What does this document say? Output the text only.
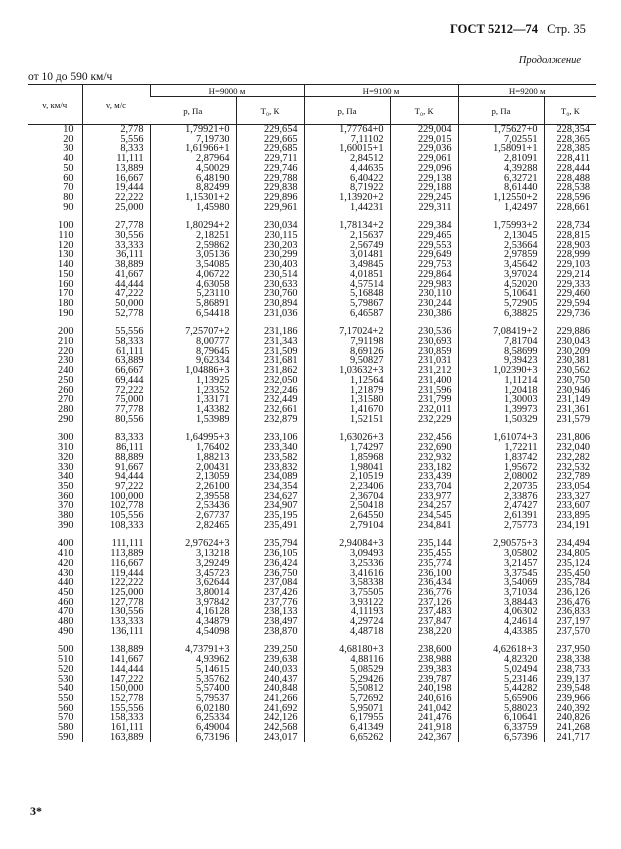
ГОСТ 5212—74 Стр. 35
Продолжение
от 10 до 590 км/ч
v, км/ч	v, м/с	H=9000 м		H=9100 м		H=9200 м	
		p, Па	T₀, К	p, Па	T₀, К	p, Па	T₀, К
10	2,778	1,79921+0	229,654	1,77764+0	229,004	1,75627+0	228,354
20	5,556	7,19730	229,665	7,11102	229,015	7,02551	228,365
30	8,333	1,61966+1	229,685	1,60015+1	229,036	1,58091+1	228,385
40	11,111	2,87964	229,711	2,84512	229,061	2,81091	228,411
50	13,889	4,50029	229,746	4,44635	229,096	4,39288	228,444
60	16,667	6,48190	229,788	6,40422	229,138	6,32721	228,488
70	19,444	8,82499	229,838	8,71922	229,188	8,61440	228,538
80	22,222	1,15301+2	229,896	1,13920+2	229,245	1,12550+2	228,596
90	25,000	1,45980	229,961	1,44231	229,311	1,42497	228,661

100	27,778	1,80294+2	230,034	1,78134+2	229,384	1,75993+2	228,734
110	30,556	2,18251	230,115	2,15637	229,465	2,13045	228,815
120	33,333	2,59862	230,203	2,56749	229,553	2,53664	228,903
130	36,111	3,05136	230,299	3,01481	229,649	2,97859	228,999
140	38,889	3,54085	230,403	3,49845	229,753	3,45642	229,103
150	41,667	4,06722	230,514	4,01851	229,864	3,97024	229,214
160	44,444	4,63058	230,633	4,57514	229,983	4,52020	229,333
170	47,222	5,23110	230,760	5,16848	230,110	5,10641	229,460
180	50,000	5,86891	230,894	5,79867	230,244	5,72905	229,594
190	52,778	6,54418	231,036	6,46587	230,386	6,38825	229,736

200	55,556	7,25707+2	231,186	7,17024+2	230,536	7,08419+2	229,886
210	58,333	8,00777	231,343	7,91198	230,693	7,81704	230,043
220	61,111	8,79645	231,509	8,69126	230,859	8,58699	230,209
230	63,889	9,62334	231,681	9,50827	231,031	9,39423	230,381
240	66,667	1,04886+3	231,862	1,03632+3	231,212	1,02390+3	230,562
250	69,444	1,13925	232,050	1,12564	231,400	1,11214	230,750
260	72,222	1,23352	232,246	1,21879	231,596	1,20418	230,946
270	75,000	1,33171	232,449	1,31580	231,799	1,30003	231,149
280	77,778	1,43382	232,661	1,41670	232,011	1,39973	231,361
290	80,556	1,53989	232,879	1,52151	232,229	1,50329	231,579

300	83,333	1,64995+3	233,106	1,63026+3	232,456	1,61074+3	231,806
310	86,111	1,76402	233,340	1,74297	232,690	1,72211	232,040
320	88,889	1,88213	233,582	1,85968	232,932	1,83742	232,282
330	91,667	2,00431	233,832	1,98041	233,182	1,95672	232,532
340	94,444	2,13059	234,089	2,10519	233,439	2,08002	232,789
350	97,222	2,26100	234,354	2,23406	233,704	2,20735	233,054
360	100,000	2,39558	234,627	2,36704	233,977	2,33876	233,327
370	102,778	2,53436	234,907	2,50418	234,257	2,47427	233,607
380	105,556	2,67737	235,195	2,64550	234,545	2,61391	233,895
390	108,333	2,82465	235,491	2,79104	234,841	2,75773	234,191

400	111,111	2,97624+3	235,794	2,94084+3	235,144	2,90575+3	234,494
410	113,889	3,13218	236,105	3,09493	235,455	3,05802	234,805
420	116,667	3,29249	236,424	3,25336	235,774	3,21457	235,124
430	119,444	3,45723	236,750	3,41616	236,100	3,37545	235,450
440	122,222	3,62644	237,084	3,58338	236,434	3,54069	235,784
450	125,000	3,80014	237,426	3,75505	236,776	3,71034	236,126
460	127,778	3,97842	237,776	3,93122	237,126	3,88443	236,476
470	130,556	4,16128	238,133	4,11193	237,483	4,06302	236,833
480	133,333	4,34879	238,497	4,29724	237,847	4,24614	237,197
490	136,111	4,54098	238,870	4,48718	238,220	4,43385	237,570

500	138,889	4,73791+3	239,250	4,68180+3	238,600	4,62618+3	237,950
510	141,667	4,93962	239,638	4,88116	238,988	4,82320	238,338
520	144,444	5,14615	240,033	5,08529	239,383	5,02494	238,733
530	147,222	5,35762	240,437	5,29426	239,787	5,23146	239,137
540	150,000	5,57400	240,848	5,50812	240,198	5,44282	239,548
550	152,778	5,79537	241,266	5,72692	240,616	5,65906	239,966
560	155,556	6,02180	241,692	5,95071	241,042	5,88023	240,392
570	158,333	6,25334	242,126	6,17955	241,476	6,10641	240,826
580	161,111	6,49004	242,568	6,41349	241,918	6,33759	241,268
590	163,889	6,73196	243,017	6,65262	242,367	6,57396	241,717
3*
